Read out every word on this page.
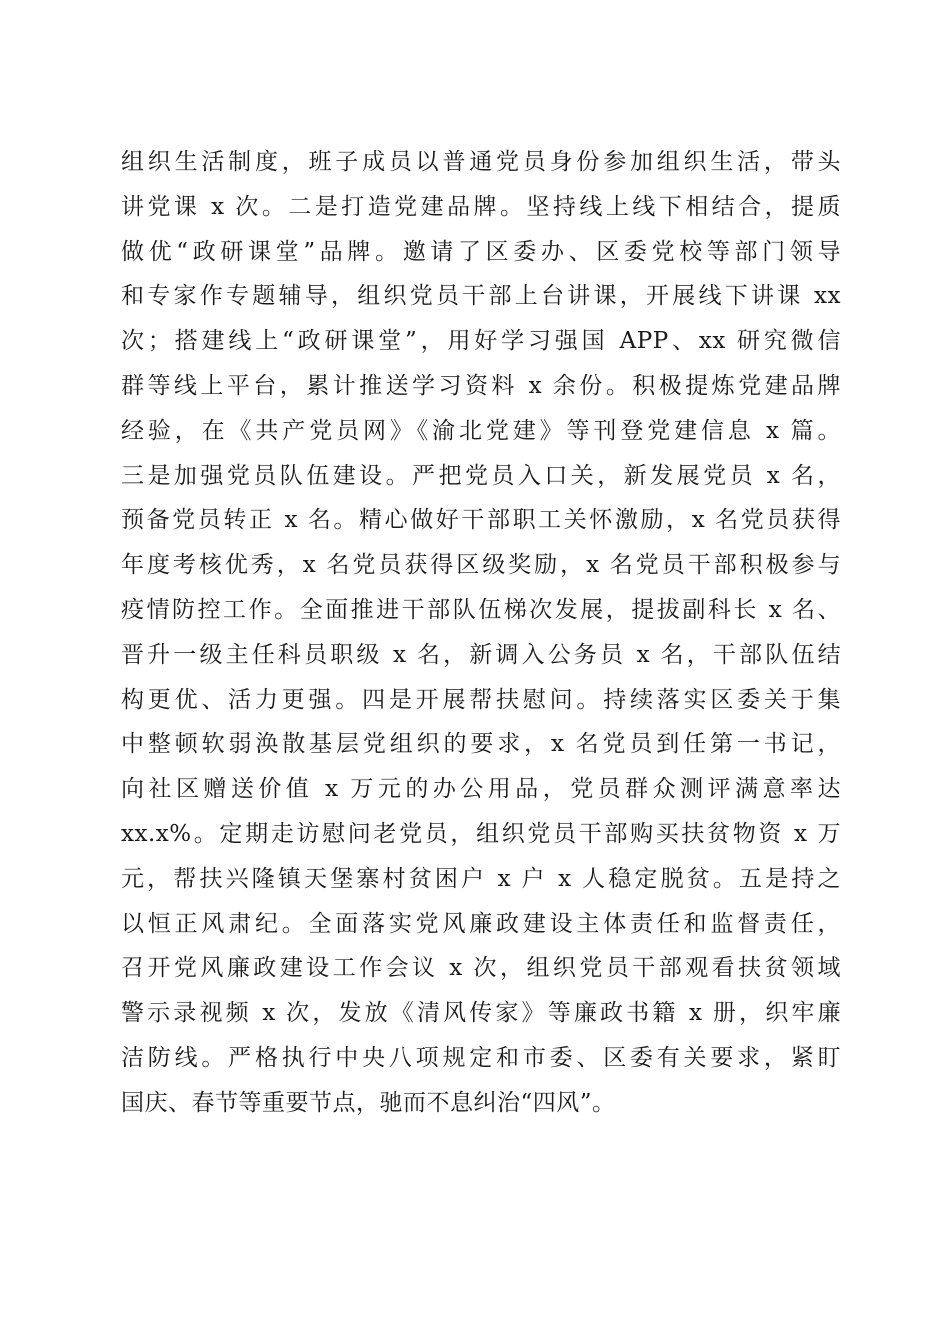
组织生活制度，班子成员以普通党员身份参加组织生活，带头
讲党课 x 次。二是打造党建品牌。坚持线上线下相结合，提质
做优“政研课堂”品牌。邀请了区委办、区委党校等部门领导
和专家作专题辅导，组织党员干部上台讲课，开展线下讲课 xx
次；搭建线上“政研课堂”，用好学习强国 APP、xx 研究微信
群等线上平台，累计推送学习资料 x 余份。积极提炼党建品牌
经验，在《共产党员网》《渝北党建》等刊登党建信息 x 篇。
三是加强党员队伍建设。严把党员入口关，新发展党员 x 名，
预备党员转正 x 名。精心做好干部职工关怀激励，x 名党员获得
年度考核优秀，x 名党员获得区级奖励，x 名党员干部积极参与
疫情防控工作。全面推进干部队伍梯次发展，提拔副科长 x 名、
晋升一级主任科员职级 x 名，新调入公务员 x 名，干部队伍结
构更优、活力更强。四是开展帮扶慰问。持续落实区委关于集
中整顿软弱涣散基层党组织的要求，x 名党员到任第一书记，
向社区赠送价值 x 万元的办公用品，党员群众测评满意率达
xx.x%。定期走访慰问老党员，组织党员干部购买扶贫物资 x 万
元，帮扶兴隆镇天堡寨村贫困户 x 户 x 人稳定脱贫。五是持之
以恒正风肃纪。全面落实党风廉政建设主体责任和监督责任，
召开党风廉政建设工作会议 x 次，组织党员干部观看扶贫领域
警示录视频 x 次，发放《清风传家》等廉政书籍 x 册，织牢廉
洁防线。严格执行中央八项规定和市委、区委有关要求，紧盯
国庆、春节等重要节点，驰而不息纠治“四风”。
